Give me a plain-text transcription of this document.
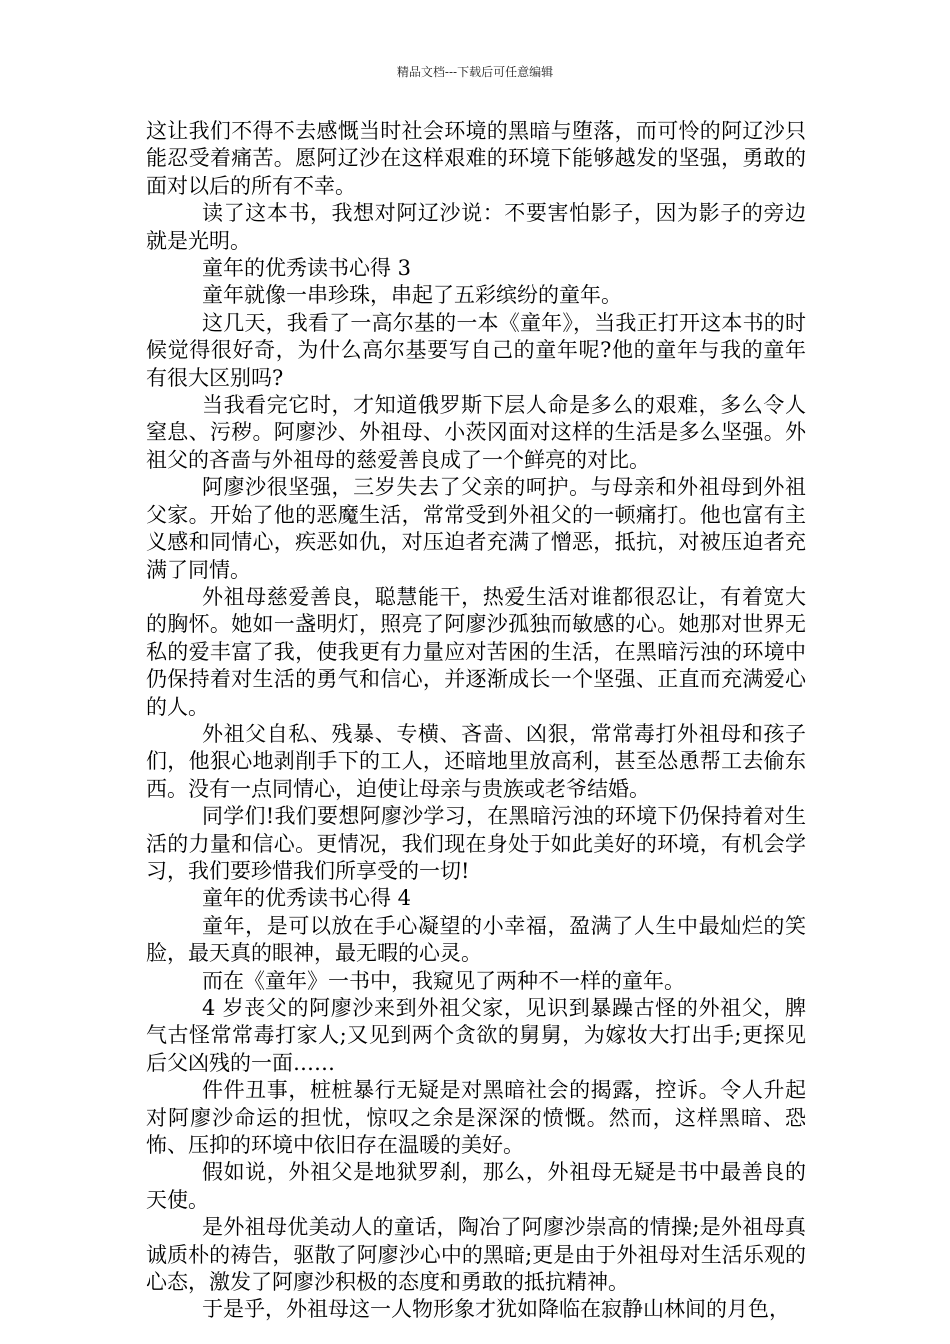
精品文档---下载后可任意编辑

这让我们不得不去感慨当时社会环境的黑暗与堕落，而可怜的阿辽沙只能忍受着痛苦。愿阿辽沙在这样艰难的环境下能够越发的坚强，勇敢的面对以后的所有不幸。

读了这本书，我想对阿辽沙说：不要害怕影子，因为影子的旁边就是光明。

童年的优秀读书心得 3

童年就像一串珍珠，串起了五彩缤纷的童年。

这几天，我看了一高尔基的一本《童年》，当我正打开这本书的时候觉得很好奇，为什么高尔基要写自己的童年呢?他的童年与我的童年有很大区别吗?

当我看完它时，才知道俄罗斯下层人命是多么的艰难，多么令人窒息、污秽。阿廖沙、外祖母、小茨冈面对这样的生活是多么坚强。外祖父的吝啬与外祖母的慈爱善良成了一个鲜亮的对比。

阿廖沙很坚强，三岁失去了父亲的呵护。与母亲和外祖母到外祖父家。开始了他的恶魔生活，常常受到外祖父的一顿痛打。他也富有主义感和同情心，疾恶如仇，对压迫者充满了憎恶，抵抗，对被压迫者充满了同情。

外祖母慈爱善良，聪慧能干，热爱生活对谁都很忍让，有着宽大的胸怀。她如一盏明灯，照亮了阿廖沙孤独而敏感的心。她那对世界无私的爱丰富了我，使我更有力量应对苦困的生活，在黑暗污浊的环境中仍保持着对生活的勇气和信心，并逐渐成长一个坚强、正直而充满爱心的人。

外祖父自私、残暴、专横、吝啬、凶狠，常常毒打外祖母和孩子们，他狠心地剥削手下的工人，还暗地里放高利，甚至怂恿帮工去偷东西。没有一点同情心，迫使让母亲与贵族或老爷结婚。

同学们!我们要想阿廖沙学习，在黑暗污浊的环境下仍保持着对生活的力量和信心。更情况，我们现在身处于如此美好的环境，有机会学习，我们要珍惜我们所享受的一切!

童年的优秀读书心得 4

童年，是可以放在手心凝望的小幸福，盈满了人生中最灿烂的笑脸，最天真的眼神，最无暇的心灵。

而在《童年》一书中，我窥见了两种不一样的童年。

4 岁丧父的阿廖沙来到外祖父家，见识到暴躁古怪的外祖父，脾气古怪常常毒打家人;又见到两个贪欲的舅舅，为嫁妆大打出手;更探见后父凶残的一面……

件件丑事，桩桩暴行无疑是对黑暗社会的揭露，控诉。令人升起对阿廖沙命运的担忧，惊叹之余是深深的愤慨。然而，这样黑暗、恐怖、压抑的环境中依旧存在温暖的美好。

假如说，外祖父是地狱罗刹，那么，外祖母无疑是书中最善良的天使。

是外祖母优美动人的童话，陶冶了阿廖沙崇高的情操;是外祖母真诚质朴的祷告，驱散了阿廖沙心中的黑暗;更是由于外祖母对生活乐观的心态，激发了阿廖沙积极的态度和勇敢的抵抗精神。

于是乎，外祖母这一人物形象才犹如降临在寂静山林间的月色，
